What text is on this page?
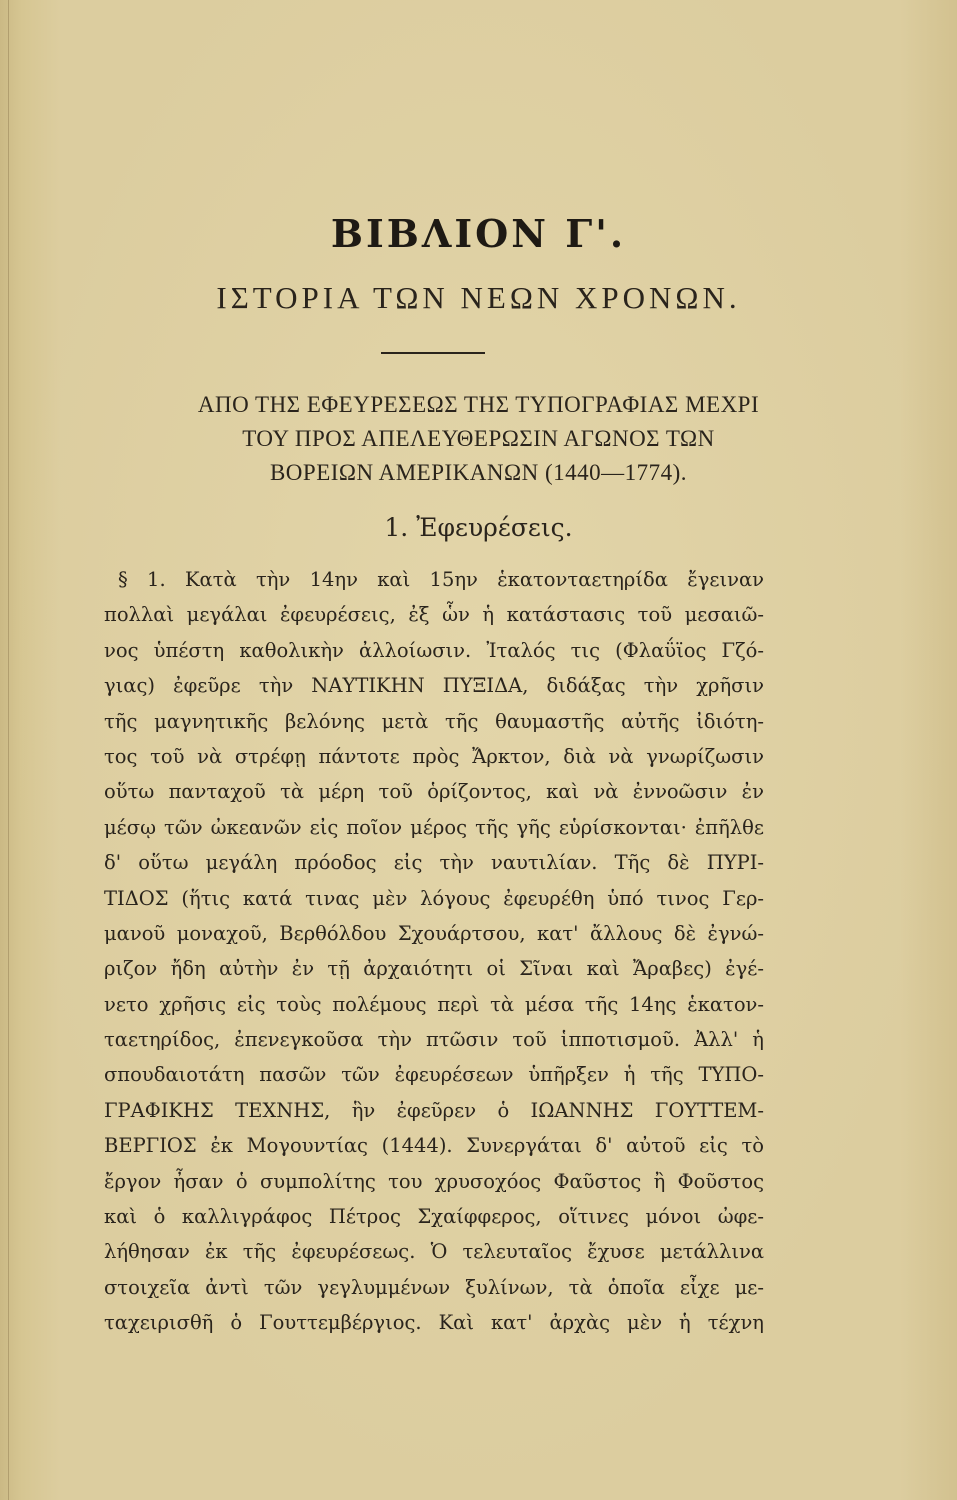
ΒΙΒΛΙΟΝ Γ'.
ΙΣΤΟΡΙΑ ΤΩΝ ΝΕΩΝ ΧΡΟΝΩΝ.
ΑΠΟ ΤΗΣ ΕΦΕΥΡΕΣΕΩΣ ΤΗΣ ΤΥΠΟΓΡΑΦΙΑΣ ΜΕΧΡΙ
ΤΟΥ ΠΡΟΣ ΑΠΕΛΕΥΘΕΡΩΣΙΝ ΑΓΩΝΟΣ ΤΩΝ
ΒΟΡΕΙΩΝ ΑΜΕΡΙΚΑΝΩΝ (1440—1774).
1. Ἐφευρέσεις.
§ 1. Κατὰ τὴν 14ην καὶ 15ην ἑκατονταετηρίδα ἔγειναν
πολλαὶ μεγάλαι ἐφευρέσεις, ἐξ ὧν ἡ κατάστασις τοῦ μεσαιῶ-
νος ὑπέστη καθολικὴν ἀλλοίωσιν. Ἰταλός τις (Φλαΰϊος Γζό-
γιας) ἐφεῦρε τὴν ΝΑΥΤΙΚΗΝ ΠΥΞΙΔΑ, διδάξας τὴν χρῆσιν
τῆς μαγνητικῆς βελόνης μετὰ τῆς θαυμαστῆς αὐτῆς ἰδιότη-
τος τοῦ νὰ στρέφῃ πάντοτε πρὸς Ἄρκτον, διὰ νὰ γνωρίζωσιν
οὕτω πανταχοῦ τὰ μέρη τοῦ ὁρίζοντος, καὶ νὰ ἐννοῶσιν ἐν
μέσῳ τῶν ὠκεανῶν εἰς ποῖον μέρος τῆς γῆς εὑρίσκονται· ἐπῆλθε
δ' οὕτω μεγάλη πρόοδος εἰς τὴν ναυτιλίαν. Τῆς δὲ ΠΥΡΙ-
ΤΙΔΟΣ (ἥτις κατά τινας μὲν λόγους ἐφευρέθη ὑπό τινος Γερ-
μανοῦ μοναχοῦ, Βερθόλδου Σχουάρτσου, κατ' ἄλλους δὲ ἐγνώ-
ριζον ἤδη αὐτὴν ἐν τῇ ἀρχαιότητι οἱ Σῖναι καὶ Ἄραβες) ἐγέ-
νετο χρῆσις εἰς τοὺς πολέμους περὶ τὰ μέσα τῆς 14ης ἑκατον-
ταετηρίδος, ἐπενεγκοῦσα τὴν πτῶσιν τοῦ ἱπποτισμοῦ. Ἀλλ' ἡ
σπουδαιοτάτη πασῶν τῶν ἐφευρέσεων ὑπῆρξεν ἡ τῆς ΤΥΠΟ-
ΓΡΑΦΙΚΗΣ ΤΕΧΝΗΣ, ἣν ἐφεῦρεν ὁ ΙΩΑΝΝΗΣ ΓΟΥΤΤΕΜ-
ΒΕΡΓΙΟΣ ἐκ Μογουντίας (1444). Συνεργάται δ' αὐτοῦ εἰς τὸ
ἔργον ἦσαν ὁ συμπολίτης του χρυσοχόος Φαῦστος ἢ Φοῦστος
καὶ ὁ καλλιγράφος Πέτρος Σχαίφφερος, οἵτινες μόνοι ὠφε-
λήθησαν ἐκ τῆς ἐφευρέσεως. Ὁ τελευταῖος ἔχυσε μετάλλινα
στοιχεῖα ἀντὶ τῶν γεγλυμμένων ξυλίνων, τὰ ὁποῖα εἶχε με-
ταχειρισθῆ ὁ Γουττεμβέργιος. Καὶ κατ' ἀρχὰς μὲν ἡ τέχνη
